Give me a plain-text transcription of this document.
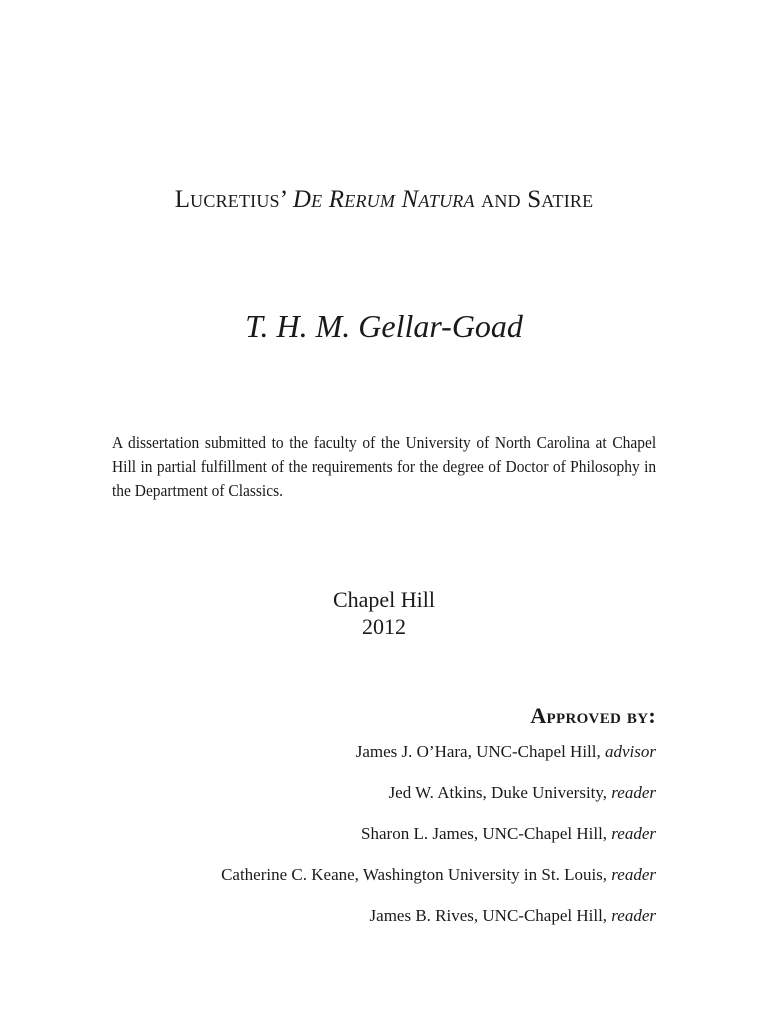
Lucretius’ De Rerum Natura and Satire
T. H. M. Gellar-Goad
A dissertation submitted to the faculty of the University of North Carolina at Chapel Hill in partial fulfillment of the requirements for the degree of Doctor of Philosophy in the Department of Classics.
Chapel Hill
2012
Approved by:
James J. O’Hara, UNC-Chapel Hill, advisor
Jed W. Atkins, Duke University, reader
Sharon L. James, UNC-Chapel Hill, reader
Catherine C. Keane, Washington University in St. Louis, reader
James B. Rives, UNC-Chapel Hill, reader
